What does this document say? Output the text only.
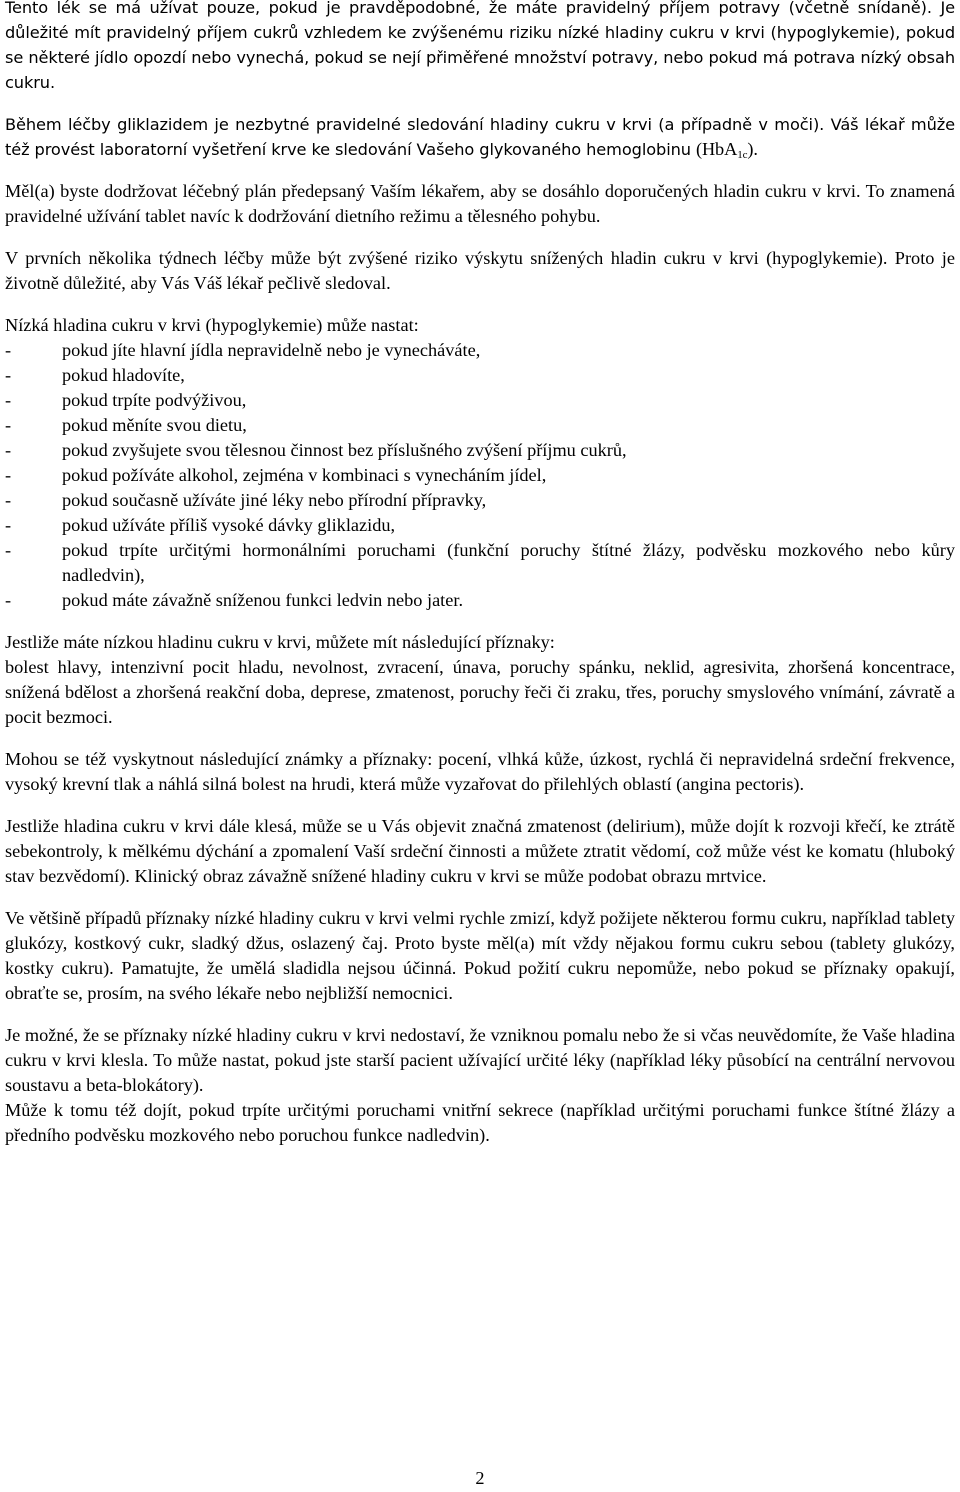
Tento lék se má užívat pouze, pokud je pravděpodobné, že máte pravidelný příjem potravy (včetně snídaně). Je důležité mít pravidelný příjem cukrů vzhledem ke zvýšenému riziku nízké hladiny cukru v krvi (hypoglykemie), pokud se některé jídlo opozdí nebo vynechá, pokud se nejí přiměřené množství potravy, nebo pokud má potrava nízký obsah cukru.

Během léčby gliklazidem je nezbytné pravidelné sledování hladiny cukru v krvi (a případně v moči). Váš lékař může též provést laboratorní vyšetření krve ke sledování Vašeho glykovaného hemoglobinu (HbA$_{1c}$).

Měl(a) byste dodržovat léčebný plán předepsaný Vaším lékařem, aby se dosáhlo doporučených hladin cukru v krvi. To znamená pravidelné užívání tablet navíc k dodržování dietního režimu a tělesného pohybu.

V prvních několika týdnech léčby může být zvýšené riziko výskytu snížených hladin cukru v krvi (hypoglykemie). Proto je životně důležité, aby Vás Váš lékař pečlivě sledoval.

Nízká hladina cukru v krvi (hypoglykemie) může nastat:

-	pokud jíte hlavní jídla nepravidelně nebo je vynecháváte,
-	pokud hladovíte,
-	pokud trpíte podvýživou,
-	pokud měníte svou dietu,
-	pokud zvyšujete svou tělesnou činnost bez příslušného zvýšení příjmu cukrů,
-	pokud požíváte alkohol, zejména v kombinaci s vynecháním jídel,
-	pokud současně užíváte jiné léky nebo přírodní přípravky,
-	pokud užíváte příliš vysoké dávky gliklazidu,
-	pokud trpíte určitými hormonálními poruchami (funkční poruchy štítné žlázy, podvěsku mozkového nebo kůry nadledvin),
-	pokud máte závažně sníženou funkci ledvin nebo jater.

Jestliže máte nízkou hladinu cukru v krvi, můžete mít následující příznaky:
bolest hlavy, intenzivní pocit hladu, nevolnost, zvracení, únava, poruchy spánku, neklid, agresivita, zhoršená koncentrace, snížená bdělost a zhoršená reakční doba, deprese, zmatenost, poruchy řeči či zraku, třes, poruchy smyslového vnímání, závratě a pocit bezmoci.

Mohou se též vyskytnout následující známky a příznaky: pocení, vlhká kůže, úzkost, rychlá či nepravidelná srdeční frekvence, vysoký krevní tlak a náhlá silná bolest na hrudi, která může vyzařovat do přilehlých oblastí (angina pectoris).

Jestliže hladina cukru v krvi dále klesá, může se u Vás objevit značná zmatenost (delirium), může dojít k rozvoji křečí, ke ztrátě sebekontroly, k mělkému dýchání a zpomalení Vaší srdeční činnosti a můžete ztratit vědomí, což může vést ke komatu (hluboký stav bezvědomí). Klinický obraz závažně snížené hladiny cukru v krvi se může podobat obrazu mrtvice.

Ve většině případů příznaky nízké hladiny cukru v krvi velmi rychle zmizí, když požijete některou formu cukru, například tablety glukózy, kostkový cukr, sladký džus, oslazený čaj. Proto byste měl(a) mít vždy nějakou formu cukru sebou (tablety glukózy, kostky cukru). Pamatujte, že umělá sladidla nejsou účinná. Pokud požití cukru nepomůže, nebo pokud se příznaky opakují, obraťte se, prosím, na svého lékaře nebo nejbližší nemocnici.

Je možné, že se příznaky nízké hladiny cukru v krvi nedostaví, že vzniknou pomalu nebo že si včas neuvědomíte, že Vaše hladina cukru v krvi klesla. To může nastat, pokud jste starší pacient užívající určité léky (například léky působící na centrální nervovou soustavu a beta-blokátory).

Může k tomu též dojít, pokud trpíte určitými poruchami vnitřní sekrece (například určitými poruchami funkce štítné žlázy a předního podvěsku mozkového nebo poruchou funkce nadledvin).

2
